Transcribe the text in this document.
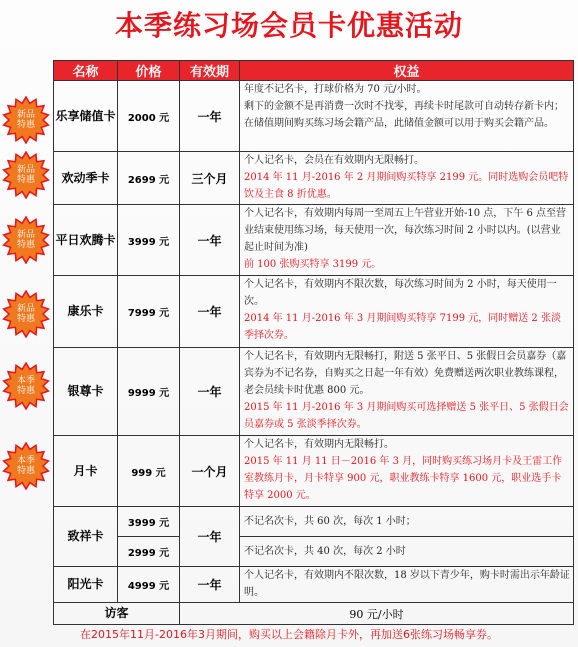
本季练习场会员卡优惠活动
名称	价格	有效期	权益
乐享储值卡	2000 元	一年	年度不记名卡，打球价格为 70 元/小时。
剩下的金额不是再消费一次时不找零，再续卡时尾款可自动转存新卡内；在储值期间购买练习场会籍产品，此储值金额可以用于购买会籍产品。

欢动季卡	2699 元	三个月	个人记名卡，会员在有效期内无限畅打。
2014 年 11 月-2016 年 2 月期间购买特享 2199 元。同时选购会员吧特饮及主食 8 折优惠。

平日欢腾卡	3999 元	一年	个人记名卡，有效期内每周一至周五上午营业开始-10 点，下午 6 点至营业结束使用练习场，每天使用一次，每次练习时间 2 小时以内。(以营业起止时间为准)
前 100 张购买特享 3199 元。

康乐卡	7999 元	一年	个人记名卡，有效期内不限次数，每次练习时间为 2 小时，每天使用一次。
2014 年 11 月-2016 年 3 月期间购买特享 7199 元，同时赠送 2 张淡季择次券。

银尊卡	9999 元	一年	个人记名卡，有效期内无限畅打，附送 5 张平日、5 张假日会员嘉券（嘉宾券为不记名券，自购买之日起一年有效）免费赠送两次职业教练课程，老会员续卡时优惠 800 元。
2015 年 11 月-2016 年 3 月期间购买可选择赠送 5 张平日、5 张假日会员嘉券或 5 张淡季择次券。

月卡	999 元	一个月	个人记名卡，有效期内无限畅打。
2015 年 11 月 11 日－2016 年 3 月，同时购买练习场月卡及王雷工作室教练月卡，月卡特享 900 元，职业教练卡特享 1600 元，职业选手卡特享 2000 元。

致祥卡	3999 元	一年	不记名次卡，共 60 次，每次 1 小时；

	2999 元		不记名次卡，共 40 次，每次 2 小时

阳光卡	4999 元	一年	个人记名卡，有效期内不限次数，18 岁以下青少年，购卡时需出示年龄证明。

访客		90 元/小时	
新品
特惠
新品
特惠
新品
特惠
新品
特惠
本季
特惠
本季
特惠
在2015年11月-2016年3月期间，购买以上会籍除月卡外，再加送6张练习场畅享券。
